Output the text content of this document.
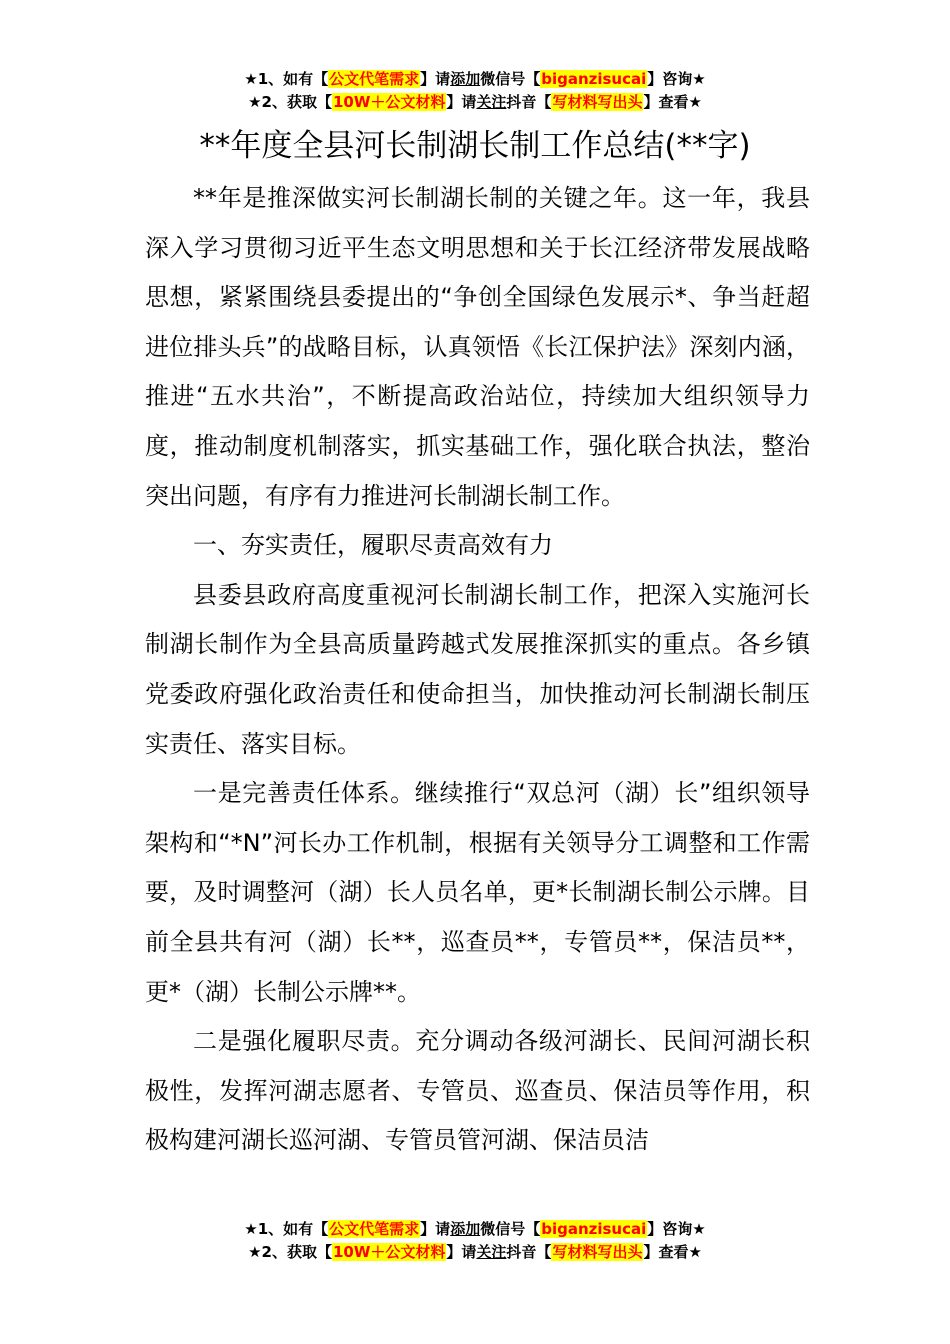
★1、如有【公文代笔需求】请添加微信号【biganzisucai】咨询★
★2、获取【10W＋公文材料】请关注抖音【写材料写出头】查看★
**年度全县河长制湖长制工作总结(**字)

**年是推深做实河长制湖长制的关键之年。这一年，我县深入学习贯彻习近平生态文明思想和关于长江经济带发展战略思想，紧紧围绕县委提出的“争创全国绿色发展示*、争当赶超进位排头兵”的战略目标，认真领悟《长江保护法》深刻内涵，推进“五水共治”，不断提高政治站位，持续加大组织领导力度，推动制度机制落实，抓实基础工作，强化联合执法，整治突出问题，有序有力推进河长制湖长制工作。

一、夯实责任，履职尽责高效有力

县委县政府高度重视河长制湖长制工作，把深入实施河长制湖长制作为全县高质量跨越式发展推深抓实的重点。各乡镇党委政府强化政治责任和使命担当，加快推动河长制湖长制压实责任、落实目标。

一是完善责任体系。继续推行“双总河（湖）长”组织领导架构和“*N”河长办工作机制，根据有关领导分工调整和工作需要，及时调整河（湖）长人员名单，更*长制湖长制公示牌。目前全县共有河（湖）长**，巡查员**，专管员**，保洁员**，更*（湖）长制公示牌**。

二是强化履职尽责。充分调动各级河湖长、民间河湖长积极性，发挥河湖志愿者、专管员、巡查员、保洁员等作用，积极构建河湖长巡河湖、专管员管河湖、保洁员洁

★1、如有【公文代笔需求】请添加微信号【biganzisucai】咨询★
★2、获取【10W＋公文材料】请关注抖音【写材料写出头】查看★
